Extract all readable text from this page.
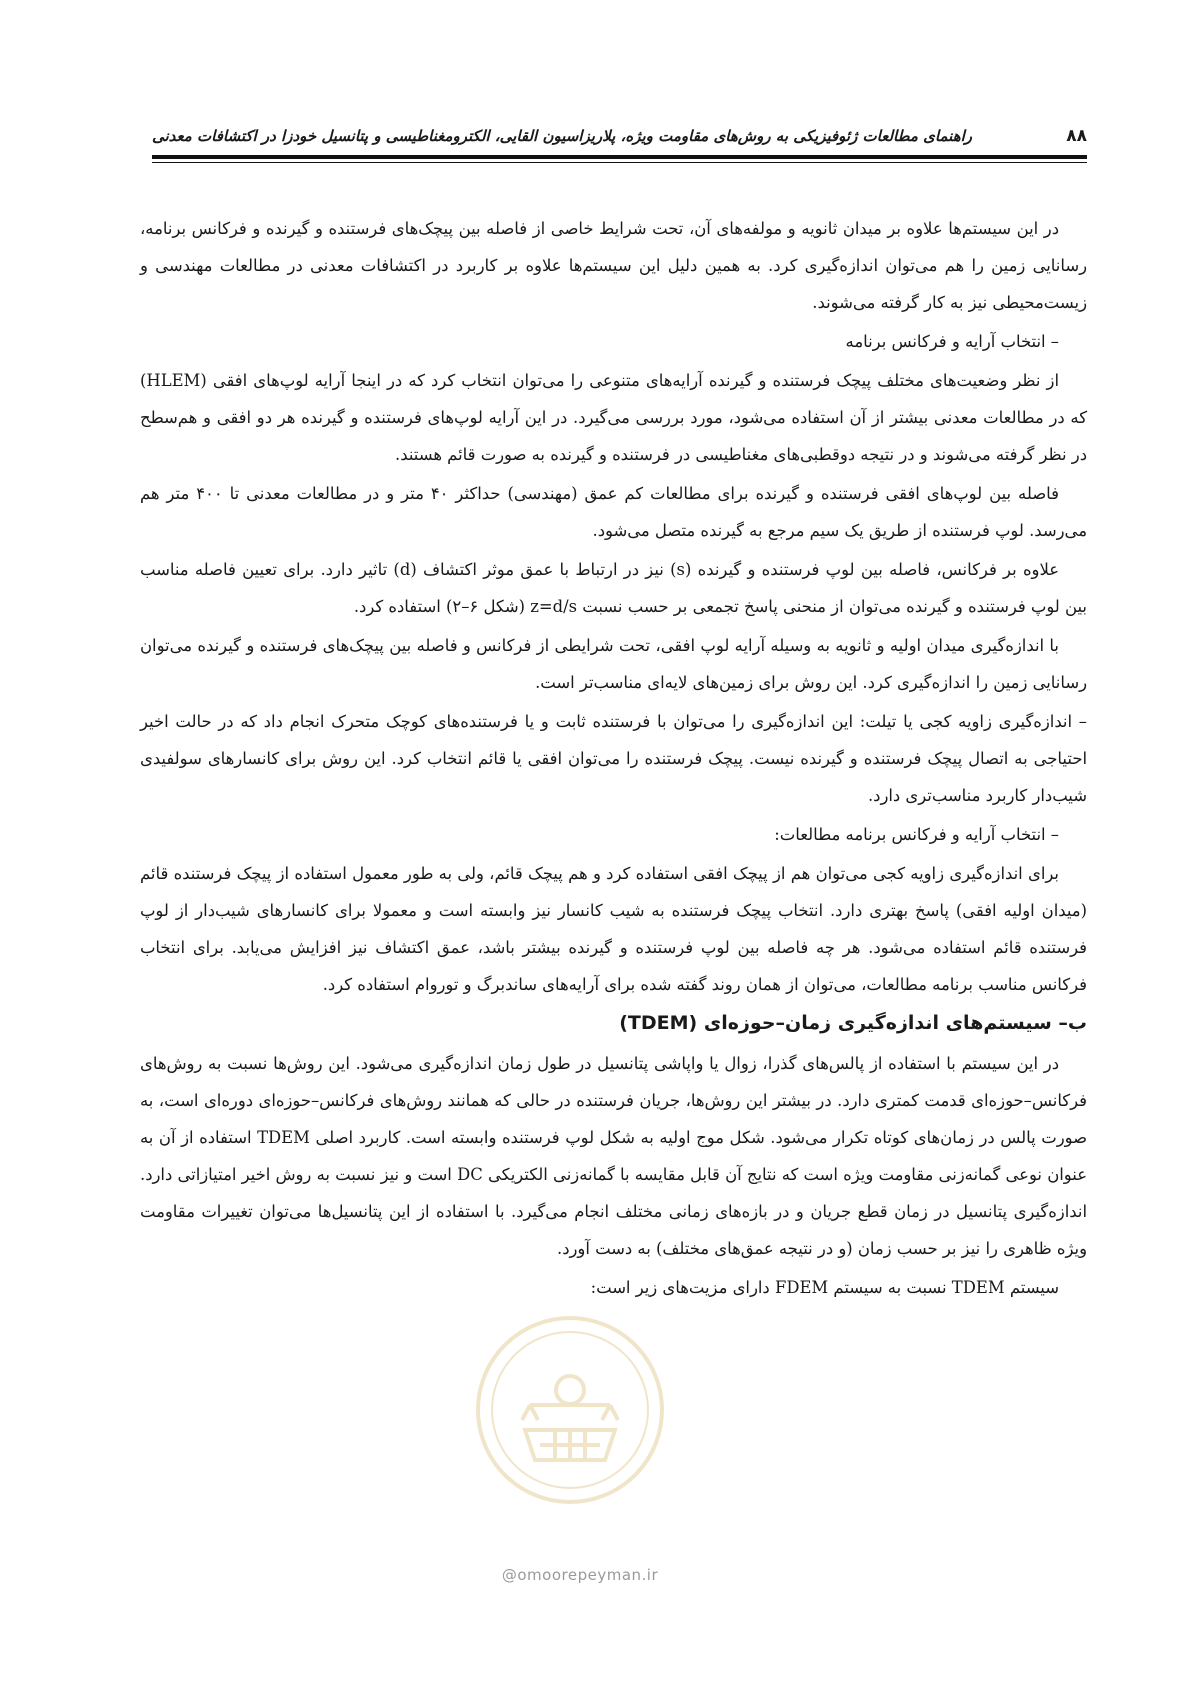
۸۸
راهنمای مطالعات ژئوفیزیکی به روش‌های مقاومت ویژه، پلاریزاسیون القایی، الکترومغناطیسی و پتانسیل خودزا در اکتشافات معدنی

در این سیستم‌ها علاوه بر میدان ثانویه و مولفه‌های آن، تحت شرایط خاصی از فاصله بین پیچک‌های فرستنده و گیرنده و فرکانس برنامه، رسانایی زمین را هم می‌توان اندازه‌گیری کرد. به همین دلیل این سیستم‌ها علاوه بر کاربرد در اکتشافات معدنی در مطالعات مهندسی و زیست‌محیطی نیز به کار گرفته می‌شوند.

– انتخاب آرایه و فرکانس برنامه

از نظر وضعیت‌های مختلف پیچک فرستنده و گیرنده آرایه‌های متنوعی را می‌توان انتخاب کرد که در اینجا آرایه لوپ‌های افقی (HLEM) که در مطالعات معدنی بیشتر از آن استفاده می‌شود، مورد بررسی می‌گیرد. در این آرایه لوپ‌های فرستنده و گیرنده هر دو افقی و هم‌سطح در نظر گرفته می‌شوند و در نتیجه دوقطبی‌های مغناطیسی در فرستنده و گیرنده به صورت قائم هستند.

فاصله بین لوپ‌های افقی فرستنده و گیرنده برای مطالعات کم عمق (مهندسی) حداکثر ۴۰ متر و در مطالعات معدنی تا ۴۰۰ متر هم می‌رسد. لوپ فرستنده از طریق یک سیم مرجع به گیرنده متصل می‌شود.

علاوه بر فرکانس، فاصله بین لوپ فرستنده و گیرنده (s) نیز در ارتباط با عمق موثر اکتشاف (d) تاثیر دارد. برای تعیین فاصله مناسب بین لوپ فرستنده و گیرنده می‌توان از منحنی پاسخ تجمعی بر حسب نسبت z=d/s (شکل ۶–۲) استفاده کرد.

با اندازه‌گیری میدان اولیه و ثانویه به وسیله آرایه لوپ افقی، تحت شرایطی از فرکانس و فاصله بین پیچک‌های فرستنده و گیرنده می‌توان رسانایی زمین را اندازه‌گیری کرد. این روش برای زمین‌های لایه‌ای مناسب‌تر است.

– اندازه‌گیری زاویه کجی یا تیلت: این اندازه‌گیری را می‌توان با فرستنده ثابت و یا فرستنده‌های کوچک متحرک انجام داد که در حالت اخیر احتیاجی به اتصال پیچک فرستنده و گیرنده نیست. پیچک فرستنده را می‌توان افقی یا قائم انتخاب کرد. این روش برای کانسارهای سولفیدی شیب‌دار کاربرد مناسب‌تری دارد.

– انتخاب آرایه و فرکانس برنامه مطالعات:

برای اندازه‌گیری زاویه کجی می‌توان هم از پیچک افقی استفاده کرد و هم پیچک قائم، ولی به طور معمول استفاده از پیچک فرستنده قائم (میدان اولیه افقی) پاسخ بهتری دارد. انتخاب پیچک فرستنده به شیب کانسار نیز وابسته است و معمولا برای کانسارهای شیب‌دار از لوپ فرستنده قائم استفاده می‌شود. هر چه فاصله بین لوپ فرستنده و گیرنده بیشتر باشد، عمق اکتشاف نیز افزایش می‌یابد. برای انتخاب فرکانس مناسب برنامه مطالعات، می‌توان از همان روند گفته شده برای آرایه‌های ساندبرگ و توروام استفاده کرد.

ب– سیستم‌های اندازه‌گیری زمان–حوزه‌ای (TDEM)

در این سیستم با استفاده از پالس‌های گذرا، زوال یا واپاشی پتانسیل در طول زمان اندازه‌گیری می‌شود. این روش‌ها نسبت به روش‌های فرکانس–حوزه‌ای قدمت کمتری دارد. در بیشتر این روش‌ها، جریان فرستنده در حالی که همانند روش‌های فرکانس–حوزه‌ای دوره‌ای است، به صورت پالس در زمان‌های کوتاه تکرار می‌شود. شکل موج اولیه به شکل لوپ فرستنده وابسته است. کاربرد اصلی TDEM استفاده از آن به عنوان نوعی گمانه‌زنی مقاومت ویژه است که نتایج آن قابل مقایسه با گمانه‌زنی الکتریکی DC است و نیز نسبت به روش اخیر امتیازاتی دارد. اندازه‌گیری پتانسیل در زمان قطع جریان و در بازه‌های زمانی مختلف انجام می‌گیرد. با استفاده از این پتانسیل‌ها می‌توان تغییرات مقاومت ویژه ظاهری را نیز بر حسب زمان (و در نتیجه عمق‌های مختلف) به دست آورد.

سیستم TDEM نسبت به سیستم FDEM دارای مزیت‌های زیر است:

@omoorepeyman.ir
